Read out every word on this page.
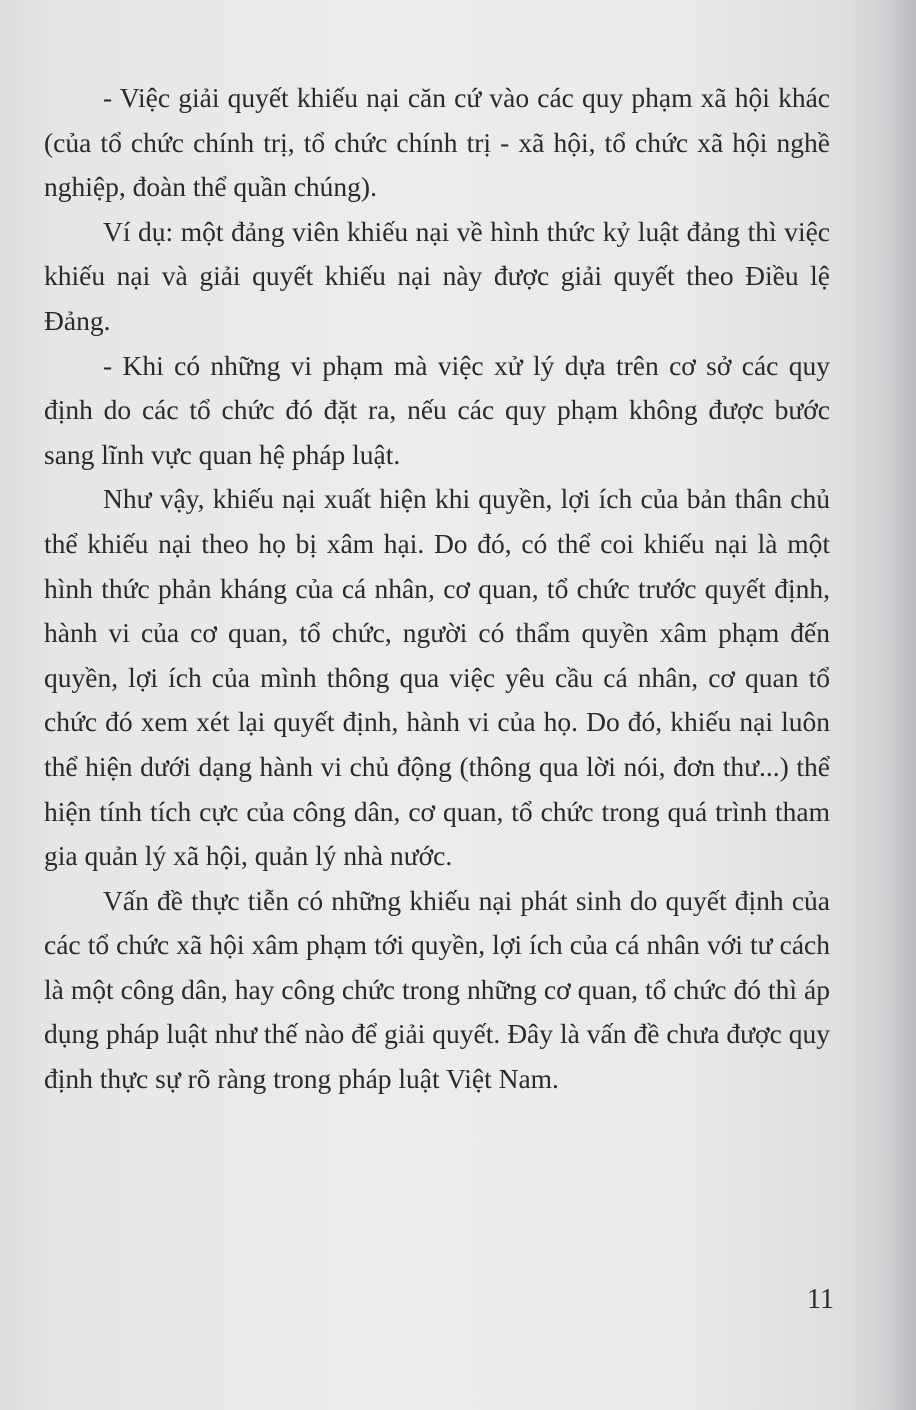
- Việc giải quyết khiếu nại căn cứ vào các quy phạm xã hội khác (của tổ chức chính trị, tổ chức chính trị - xã hội, tổ chức xã hội nghề nghiệp, đoàn thể quần chúng).

Ví dụ: một đảng viên khiếu nại về hình thức kỷ luật đảng thì việc khiếu nại và giải quyết khiếu nại này được giải quyết theo Điều lệ Đảng.

- Khi có những vi phạm mà việc xử lý dựa trên cơ sở các quy định do các tổ chức đó đặt ra, nếu các quy phạm không được bước sang lĩnh vực quan hệ pháp luật.

Như vậy, khiếu nại xuất hiện khi quyền, lợi ích của bản thân chủ thể khiếu nại theo họ bị xâm hại. Do đó, có thể coi khiếu nại là một hình thức phản kháng của cá nhân, cơ quan, tổ chức trước quyết định, hành vi của cơ quan, tổ chức, người có thẩm quyền xâm phạm đến quyền, lợi ích của mình thông qua việc yêu cầu cá nhân, cơ quan tổ chức đó xem xét lại quyết định, hành vi của họ. Do đó, khiếu nại luôn thể hiện dưới dạng hành vi chủ động (thông qua lời nói, đơn thư...) thể hiện tính tích cực của công dân, cơ quan, tổ chức trong quá trình tham gia quản lý xã hội, quản lý nhà nước.

Vấn đề thực tiễn có những khiếu nại phát sinh do quyết định của các tổ chức xã hội xâm phạm tới quyền, lợi ích của cá nhân với tư cách là một công dân, hay công chức trong những cơ quan, tổ chức đó thì áp dụng pháp luật như thế nào để giải quyết. Đây là vấn đề chưa được quy định thực sự rõ ràng trong pháp luật Việt Nam.

11
